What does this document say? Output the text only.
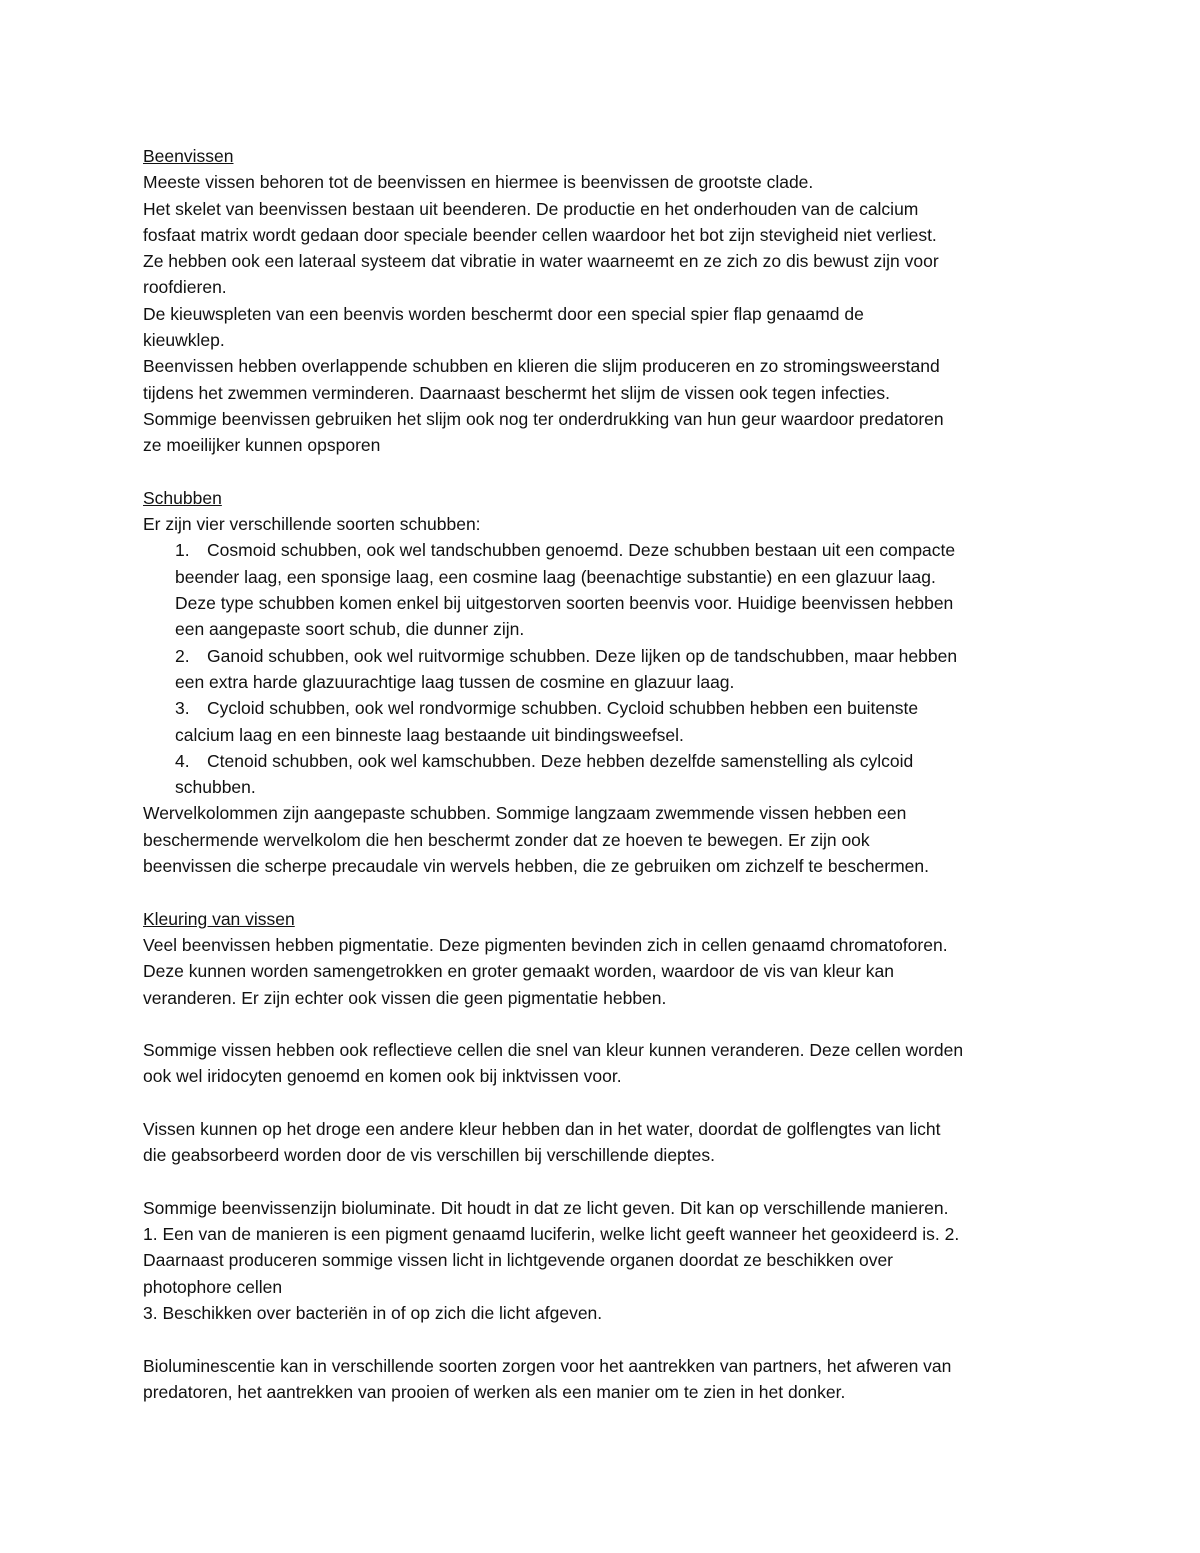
Beenvissen
Meeste vissen behoren tot de beenvissen en hiermee is beenvissen de grootste clade.
Het skelet van beenvissen bestaan uit beenderen. De productie en het onderhouden van de calcium
fosfaat matrix wordt gedaan door speciale beender cellen waardoor het bot zijn stevigheid niet verliest.
Ze hebben ook een lateraal systeem dat vibratie in water waarneemt en ze zich zo dis bewust zijn voor
roofdieren.
De kieuwspleten van een beenvis worden beschermt door een special spier flap genaamd de
kieuwklep.
Beenvissen hebben overlappende schubben en klieren die slijm produceren en zo stromingsweerstand
tijdens het zwemmen verminderen. Daarnaast beschermt het slijm de vissen ook tegen infecties.
Sommige beenvissen gebruiken het slijm ook nog ter onderdrukking van hun geur waardoor predatoren
ze moeilijker kunnen opsporen
Schubben
Er zijn vier verschillende soorten schubben:
1. Cosmoid schubben, ook wel tandschubben genoemd. Deze schubben bestaan uit een compacte
beender laag, een sponsige laag, een cosmine laag (beenachtige substantie) en een glazuur laag.
Deze type schubben komen enkel bij uitgestorven soorten beenvis voor. Huidige beenvissen hebben
een aangepaste soort schub, die dunner zijn.
2. Ganoid schubben, ook wel ruitvormige schubben. Deze lijken op de tandschubben, maar hebben
een extra harde glazuurachtige laag tussen de cosmine en glazuur laag.
3. Cycloid schubben, ook wel rondvormige schubben. Cycloid schubben hebben een buitenste
calcium laag en een binneste laag bestaande uit bindingsweefsel.
4. Ctenoid schubben, ook wel kamschubben. Deze hebben dezelfde samenstelling als cylcoid
schubben.
Wervelkolommen zijn aangepaste schubben. Sommige langzaam zwemmende vissen hebben een
beschermende wervelkolom die hen beschermt zonder dat ze hoeven te bewegen. Er zijn ook
beenvissen die scherpe precaudale vin wervels hebben, die ze gebruiken om zichzelf te beschermen.
Kleuring van vissen
Veel beenvissen hebben pigmentatie. Deze pigmenten bevinden zich in cellen genaamd chromatoforen.
Deze kunnen worden samengetrokken en groter gemaakt worden, waardoor de vis van kleur kan
veranderen. Er zijn echter ook vissen die geen pigmentatie hebben.
Sommige vissen hebben ook reflectieve cellen die snel van kleur kunnen veranderen. Deze cellen worden
ook wel iridocyten genoemd en komen ook bij inktvissen voor.
Vissen kunnen op het droge een andere kleur hebben dan in het water, doordat de golflengtes van licht
die geabsorbeerd worden door de vis verschillen bij verschillende dieptes.
Sommige beenvissenzijn bioluminate. Dit houdt in dat ze licht geven. Dit kan op verschillende manieren.
1. Een van de manieren is een pigment genaamd luciferin, welke licht geeft wanneer het geoxideerd is. 2.
Daarnaast produceren sommige vissen licht in lichtgevende organen doordat ze beschikken over
photophore cellen
3. Beschikken over bacteriën in of op zich die licht afgeven.
Bioluminescentie kan in verschillende soorten zorgen voor het aantrekken van partners, het afweren van
predatoren, het aantrekken van prooien of werken als een manier om te zien in het donker.
